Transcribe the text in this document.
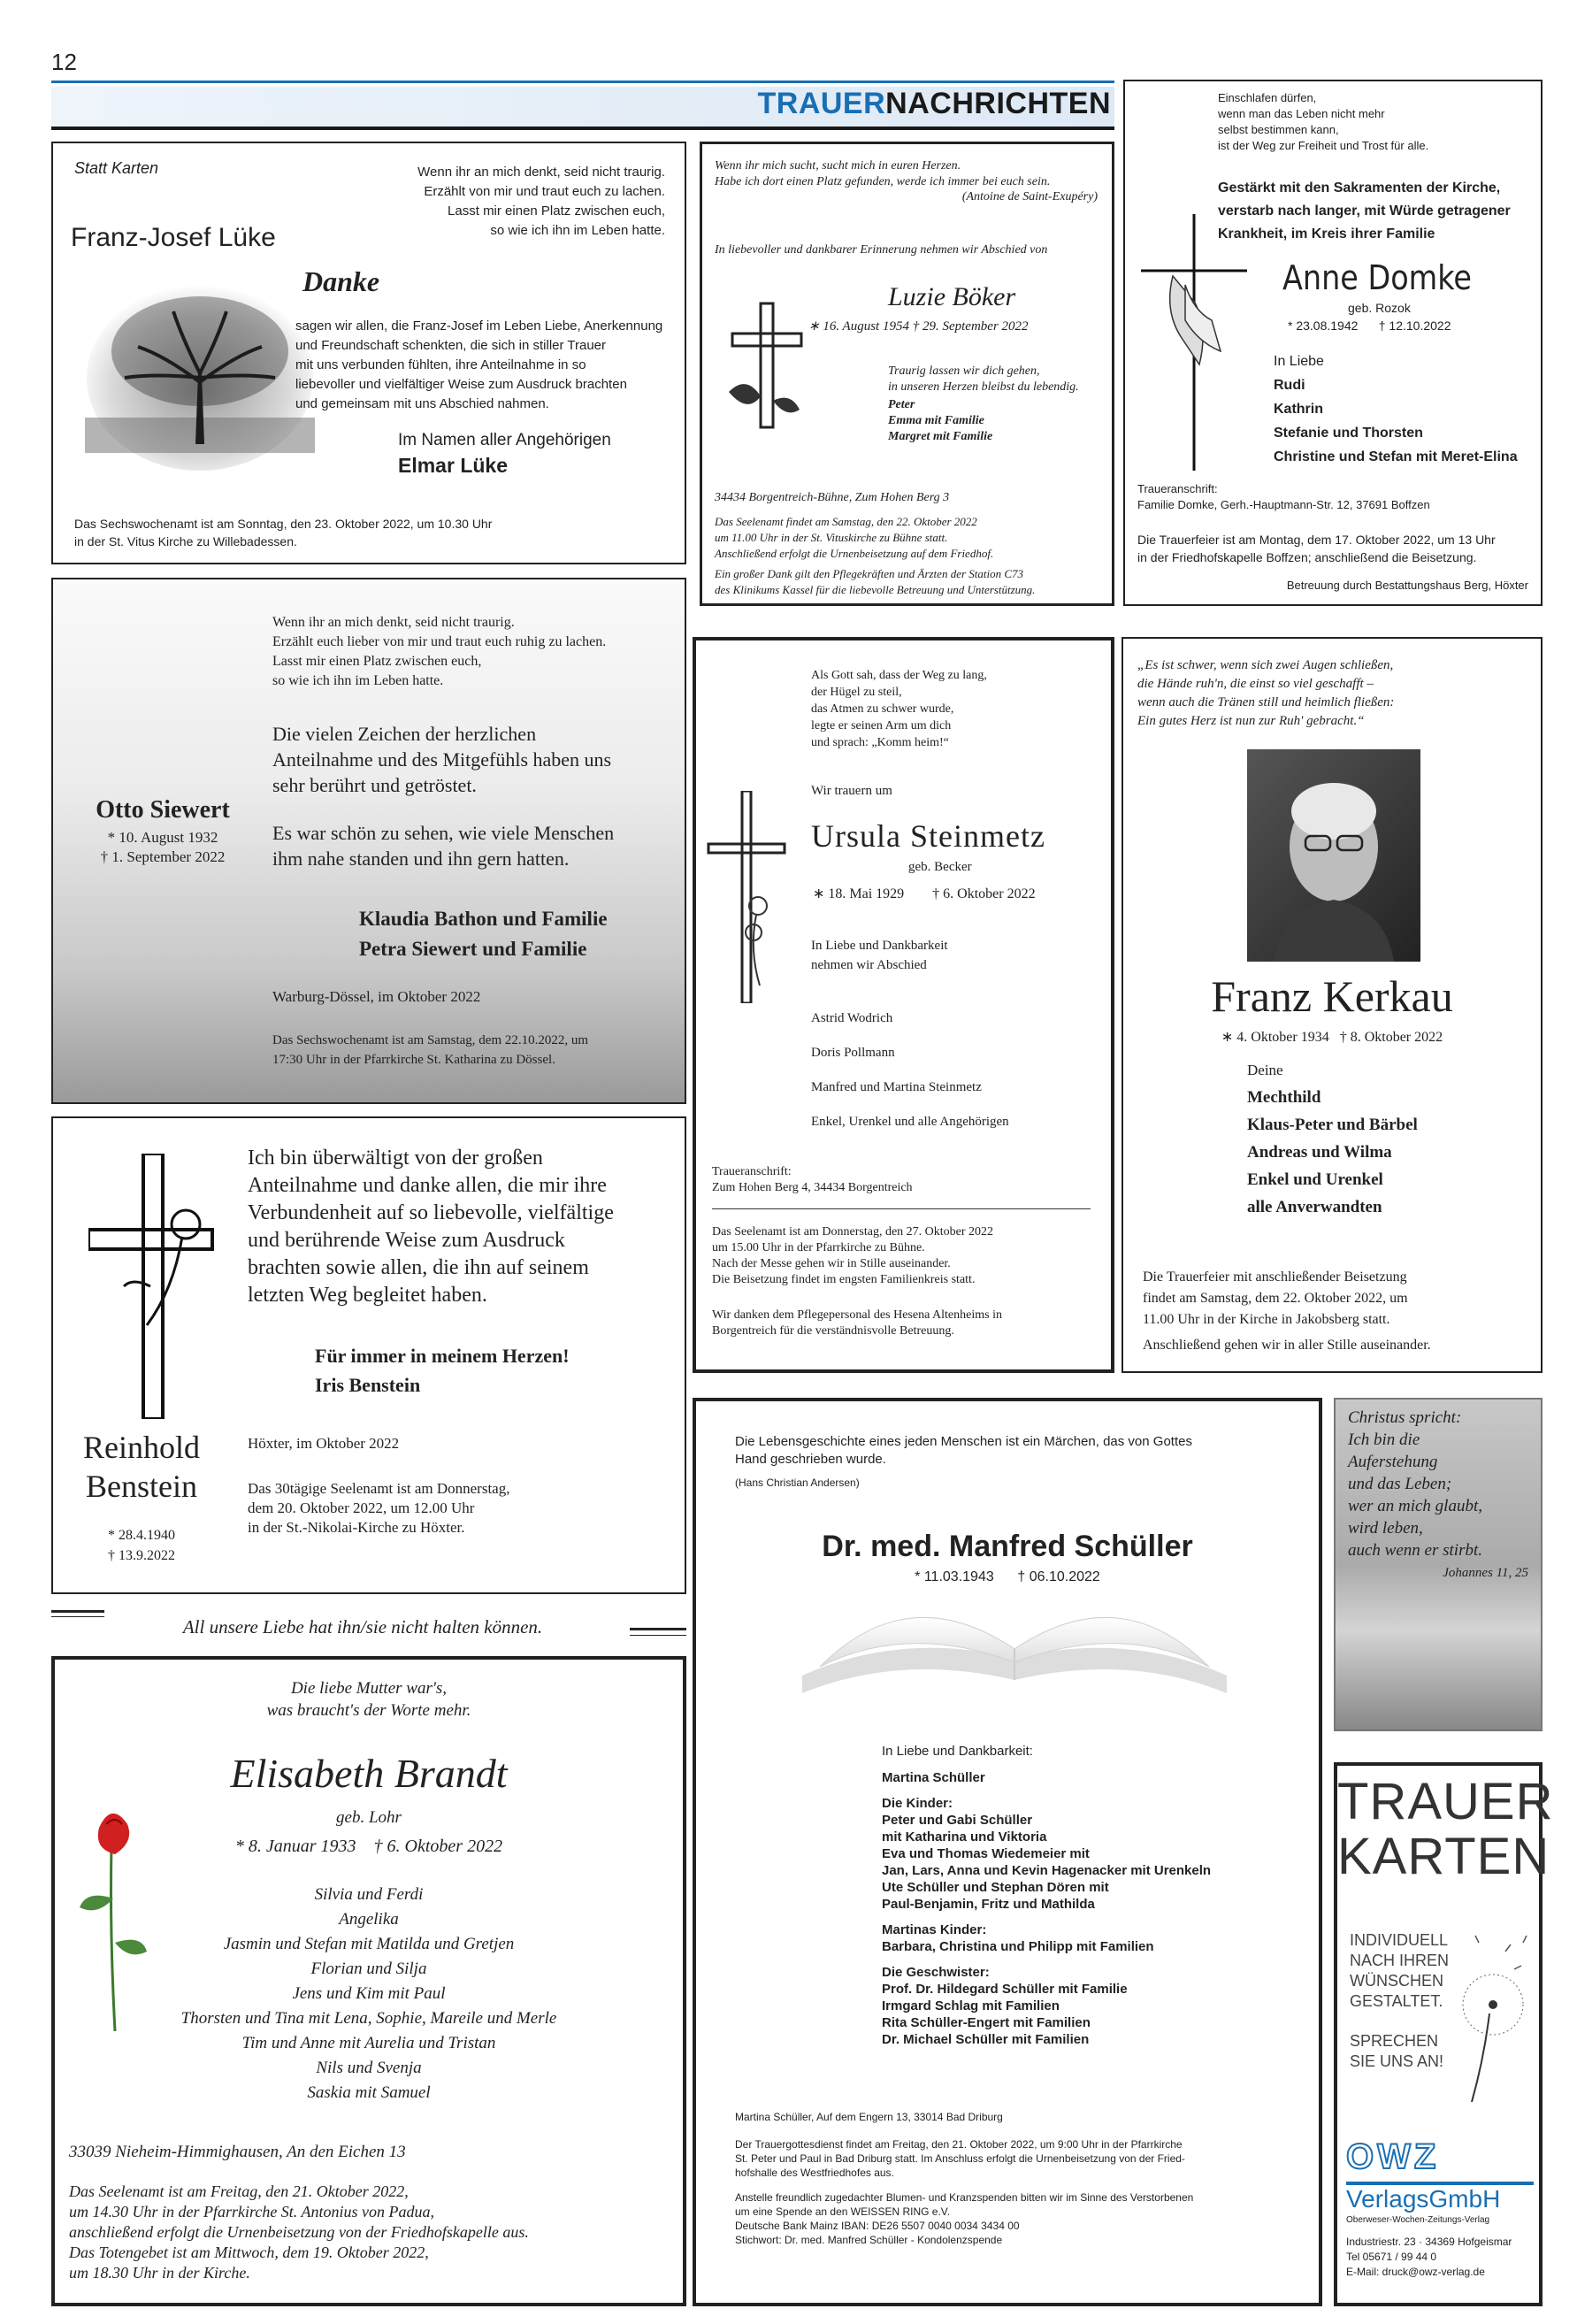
12
TRAUERNACHRICHTEN
Statt Karten	Wenn ihr an mich denkt, seid nicht traurig.
Erzählt von mir und traut euch zu lachen.
Lasst mir einen Platz zwischen euch,
so wie ich ihn im Leben hatte.
Franz-Josef Lüke
Danke
sagen wir allen, die Franz-Josef im Leben Liebe, Anerkennung
und Freundschaft schenkten, die sich in stiller Trauer
mit uns verbunden fühlten, ihre Anteilnahme in so
liebevoller und vielfältiger Weise zum Ausdruck brachten
und gemeinsam mit uns Abschied nahmen.
Im Namen aller Angehörigen
Elmar Lüke
Das Sechswochenamt ist am Sonntag, den 23. Oktober 2022, um 10.30 Uhr
in der St. Vitus Kirche zu Willebadessen.
Wenn ihr mich sucht, sucht mich in euren Herzen.
Habe ich dort einen Platz gefunden, werde ich immer bei euch sein.
(Antoine de Saint-Exupéry)
In liebevoller und dankbarer Erinnerung nehmen wir Abschied von
Luzie Böker
∗ 16. August 1954 † 29. September 2022
Traurig lassen wir dich gehen,
in unseren Herzen bleibst du lebendig.
Peter
Emma mit Familie
Margret mit Familie
34434 Borgentreich-Bühne, Zum Hohen Berg 3
Das Seelenamt findet am Samstag, den 22. Oktober 2022
um 11.00 Uhr in der St. Vituskirche zu Bühne statt.
Anschließend erfolgt die Urnenbeisetzung auf dem Friedhof.
Ein großer Dank gilt den Pflegekräften und Ärzten der Station C73
des Klinikums Kassel für die liebevolle Betreuung und Unterstützung.
Einschlafen dürfen,
wenn man das Leben nicht mehr
selbst bestimmen kann,
ist der Weg zur Freiheit und Trost für alle.
Gestärkt mit den Sakramenten der Kirche,
verstarb nach langer, mit Würde getragener
Krankheit, im Kreis ihrer Familie
Anne Domke
geb. Rozok
* 23.08.1942      † 12.10.2022
In Liebe
Rudi
Kathrin
Stefanie und Thorsten
Christine und Stefan mit Meret-Elina
Traueranschrift:
Familie Domke, Gerh.-Hauptmann-Str. 12, 37691 Boffzen
Die Trauerfeier ist am Montag, dem 17. Oktober 2022, um 13 Uhr
in der Friedhofskapelle Boffzen; anschließend die Beisetzung.
Betreuung durch Bestattungshaus Berg, Höxter
Wenn ihr an mich denkt, seid nicht traurig.
Erzählt euch lieber von mir und traut euch ruhig zu lachen.
Lasst mir einen Platz zwischen euch,
so wie ich ihn im Leben hatte.
Die vielen Zeichen der herzlichen
Anteilnahme und des Mitgefühls haben uns
sehr berührt und getröstet.
Es war schön zu sehen, wie viele Menschen
ihm nahe standen und ihn gern hatten.
Otto Siewert
* 10. August 1932
† 1. September 2022
Klaudia Bathon und Familie
Petra Siewert und Familie
Warburg-Dössel, im Oktober 2022
Das Sechswochenamt ist am Samstag, dem 22.10.2022, um
17:30 Uhr in der Pfarrkirche St. Katharina zu Dössel.
Als Gott sah, dass der Weg zu lang,
der Hügel zu steil,
das Atmen zu schwer wurde,
legte er seinen Arm um dich
und sprach: „Komm heim!“
Wir trauern um
Ursula Steinmetz
geb. Becker
∗ 18. Mai 1929        † 6. Oktober 2022
In Liebe und Dankbarkeit
nehmen wir Abschied
Astrid Wodrich
Doris Pollmann
Manfred und Martina Steinmetz
Enkel, Urenkel und alle Angehörigen
Traueranschrift:
Zum Hohen Berg 4, 34434 Borgentreich
Das Seelenamt ist am Donnerstag, den 27. Oktober 2022
um 15.00 Uhr in der Pfarrkirche zu Bühne.
Nach der Messe gehen wir in Stille auseinander.
Die Beisetzung findet im engsten Familienkreis statt.
Wir danken dem Pflegepersonal des Hesena Altenheims in
Borgentreich für die verständnisvolle Betreuung.
„Es ist schwer, wenn sich zwei Augen schließen,
die Hände ruh'n, die einst so viel geschafft –
wenn auch die Tränen still und heimlich fließen:
Ein gutes Herz ist nun zur Ruh' gebracht.“
Franz Kerkau
∗ 4. Oktober 1934   † 8. Oktober 2022
Deine
Mechthild
Klaus-Peter und Bärbel
Andreas und Wilma
Enkel und Urenkel
alle Anverwandten
Die Trauerfeier mit anschließender Beisetzung
findet am Samstag, dem 22. Oktober 2022, um
11.00 Uhr in der Kirche in Jakobsberg statt.
Anschließend gehen wir in aller Stille auseinander.
Ich bin überwältigt von der großen
Anteilnahme und danke allen, die mir ihre
Verbundenheit auf so liebevolle, vielfältige
und berührende Weise zum Ausdruck
brachten sowie allen, die ihn auf seinem
letzten Weg begleitet haben.
Für immer in meinem Herzen!
Iris Benstein
Höxter, im Oktober 2022
Das 30tägige Seelenamt ist am Donnerstag,
dem 20. Oktober 2022, um 12.00 Uhr
in der St.-Nikolai-Kirche zu Höxter.
Reinhold
Benstein
* 28.4.1940
† 13.9.2022
All unsere Liebe hat ihn/sie nicht halten können.
Die liebe Mutter war's,
was braucht's der Worte mehr.
Elisabeth Brandt
geb. Lohr
* 8. Januar 1933    † 6. Oktober 2022
Silvia und Ferdi
Angelika
Jasmin und Stefan mit Matilda und Gretjen
Florian und Silja
Jens und Kim mit Paul
Thorsten und Tina mit Lena, Sophie, Mareile und Merle
Tim und Anne mit Aurelia und Tristan
Nils und Svenja
Saskia mit Samuel
33039 Nieheim-Himmighausen, An den Eichen 13
Das Seelenamt ist am Freitag, den 21. Oktober 2022,
um 14.30 Uhr in der Pfarrkirche St. Antonius von Padua,
anschließend erfolgt die Urnenbeisetzung von der Friedhofskapelle aus.
Das Totengebet ist am Mittwoch, dem 19. Oktober 2022,
um 18.30 Uhr in der Kirche.
Die Lebensgeschichte eines jeden Menschen ist ein Märchen, das von Gottes
Hand geschrieben wurde.
(Hans Christian Andersen)
Dr. med. Manfred Schüller
* 11.03.1943      † 06.10.2022
In Liebe und Dankbarkeit:
Martina Schüller
Die Kinder:
Peter und Gabi Schüller
mit Katharina und Viktoria
Eva und Thomas Wiedemeier mit
Jan, Lars, Anna und Kevin Hagenacker mit Urenkeln
Ute Schüller und Stephan Dören mit
Paul-Benjamin, Fritz und Mathilda
Martinas Kinder:
Barbara, Christina und Philipp mit Familien
Die Geschwister:
Prof. Dr. Hildegard Schüller mit Familie
Irmgard Schlag mit Familien
Rita Schüller-Engert mit Familien
Dr. Michael Schüller mit Familien
Martina Schüller, Auf dem Engern 13, 33014 Bad Driburg
Der Trauergottesdienst findet am Freitag, den 21. Oktober 2022, um 9:00 Uhr in der Pfarrkirche
St. Peter und Paul in Bad Driburg statt. Im Anschluss erfolgt die Urnenbeisetzung von der Fried-
hofshalle des Westfriedhofes aus.
Anstelle freundlich zugedachter Blumen- und Kranzspenden bitten wir im Sinne des Verstorbenen
um eine Spende an den WEISSEN RING e.V.
Deutsche Bank Mainz IBAN: DE26 5507 0040 0034 3434 00
Stichwort: Dr. med. Manfred Schüller - Kondolenzspende
Christus spricht:
Ich bin die
Auferstehung
und das Leben;
wer an mich glaubt,
wird leben,
auch wenn er stirbt.
Johannes 11, 25
TRAUER
KARTEN
INDIVIDUELL
NACH IHREN
WÜNSCHEN
GESTALTET.
SPRECHEN
SIE UNS AN!
OWZ
VerlagsGmbH
Oberweser-Wochen-Zeitungs-Verlag
Industriestr. 23 · 34369 Hofgeismar
Tel 05671 / 99 44 0
E-Mail: druck@owz-verlag.de
